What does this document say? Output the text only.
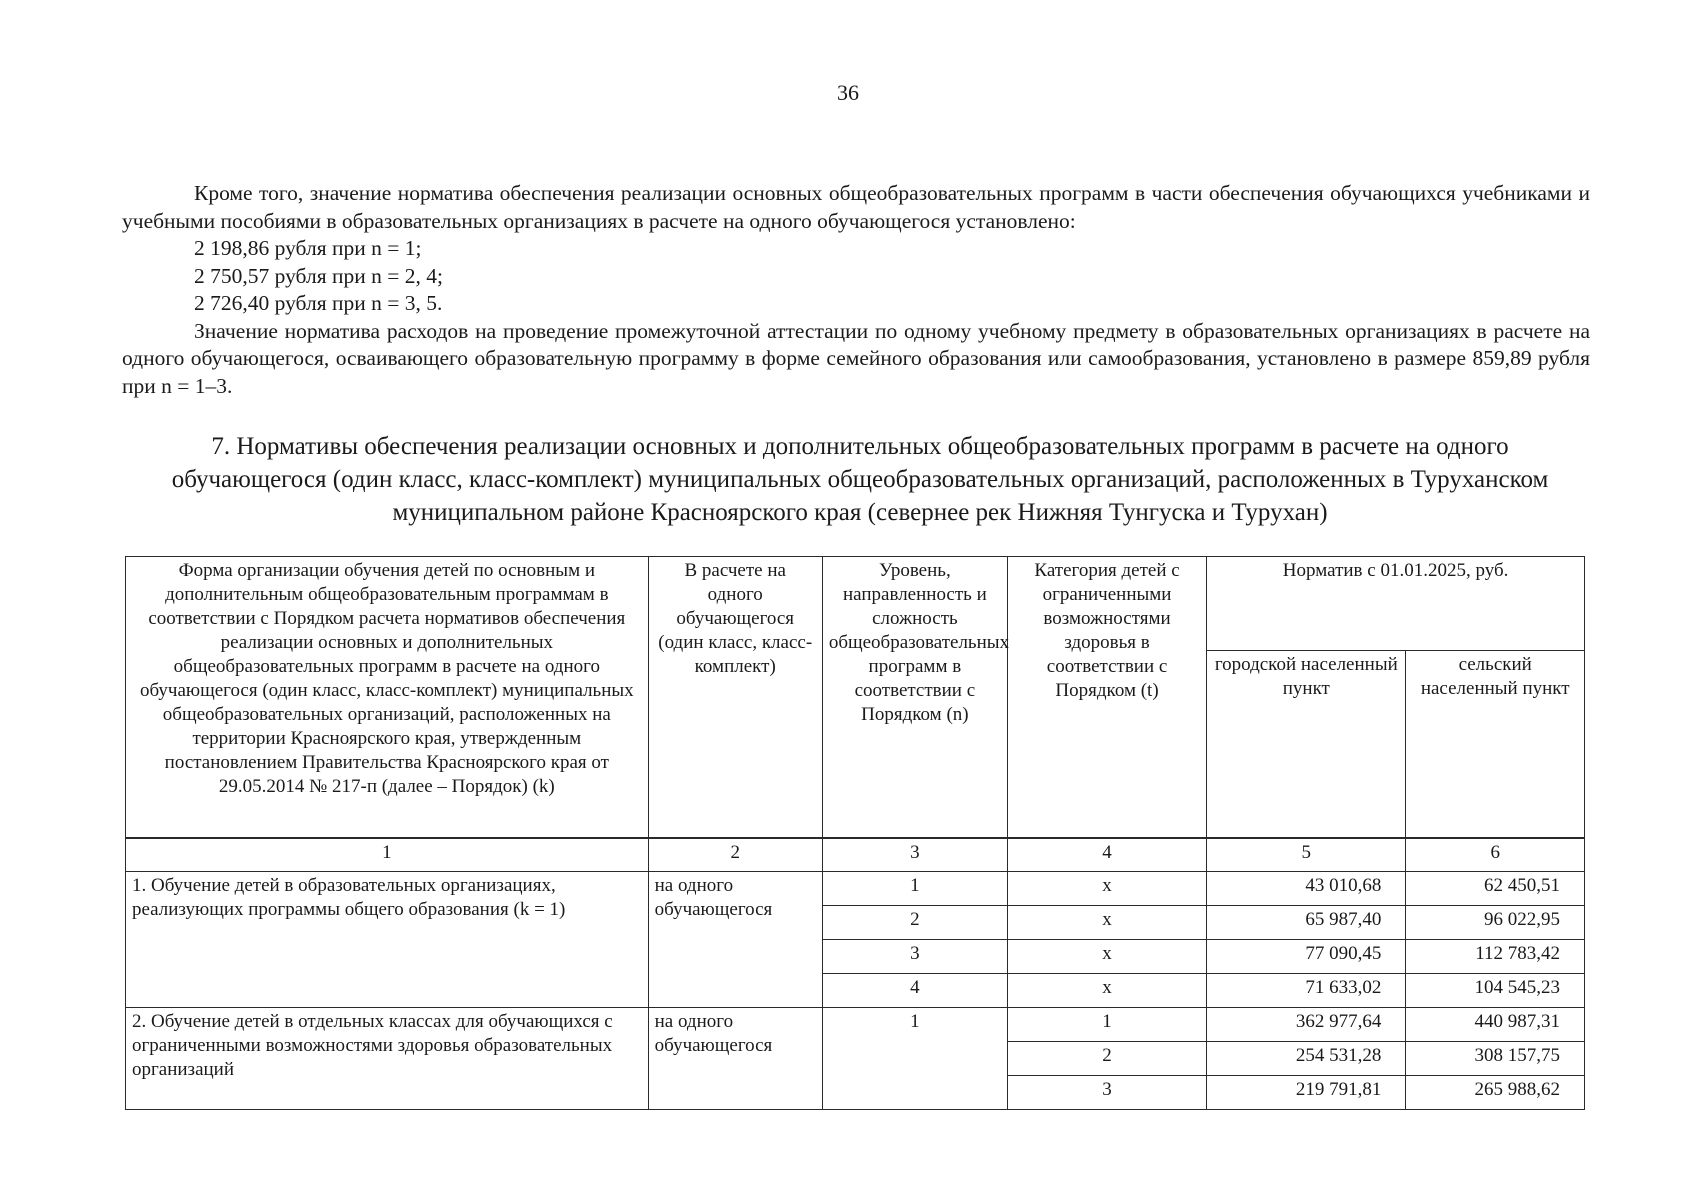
36

Кроме того, значение норматива обеспечения реализации основных общеобразовательных программ в части обеспечения обучающихся учебниками и учебными пособиями в образовательных организациях в расчете на одного обучающегося установлено:

2 198,86 рубля при n = 1;
2 750,57 рубля при n = 2, 4;
2 726,40 рубля при n = 3, 5.

Значение норматива расходов на проведение промежуточной аттестации по одному учебному предмету в образовательных организациях в расчете на одного обучающегося, осваивающего образовательную программу в форме семейного образования или самообразования, установлено в размере 859,89 рубля при n = 1–3.

7. Нормативы обеспечения реализации основных и дополнительных общеобразовательных программ в расчете на одного обучающегося (один класс, класс-комплект) муниципальных общеобразовательных организаций, расположенных в Туруханском муниципальном районе Красноярского края (севернее рек Нижняя Тунгуска и Турухан)
Форма организации обучения детей по основным и дополнительным общеобразовательным программам в соответствии с Порядком расчета нормативов обеспечения реализации основных и дополнительных общеобразовательных программ в расчете на одного обучающегося (один класс, класс-комплект) муниципальных общеобразовательных организаций, расположенных на территории Красноярского края, утвержденным постановлением Правительства Красноярского края от 29.05.2014 № 217-п (далее – Порядок) (k)	В расчете на одного обучающегося (один класс, класс-комплект)	Уровень, направленность и сложность общеобразовательных программ в соответствии с Порядком (n)	Категория детей с ограниченными возможностями здоровья в соответствии с Порядком (t)	Норматив с 01.01.2025, руб.	
				городской населенный пункт	сельский населенный пункт
1	2	3	4	5	6
1. Обучение детей в образовательных организациях, реализующих программы общего образования (k = 1)	на одного обучающегося	1	х	43 010,68	62 450,51
		2	х	65 987,40	96 022,95
		3	х	77 090,45	112 783,42
		4	х	71 633,02	104 545,23
2. Обучение детей в отдельных классах для обучающихся с ограниченными возможностями здоровья образовательных организаций	на одного обучающегося	1	1	362 977,64	440 987,31
			2	254 531,28	308 157,75
			3	219 791,81	265 988,62
